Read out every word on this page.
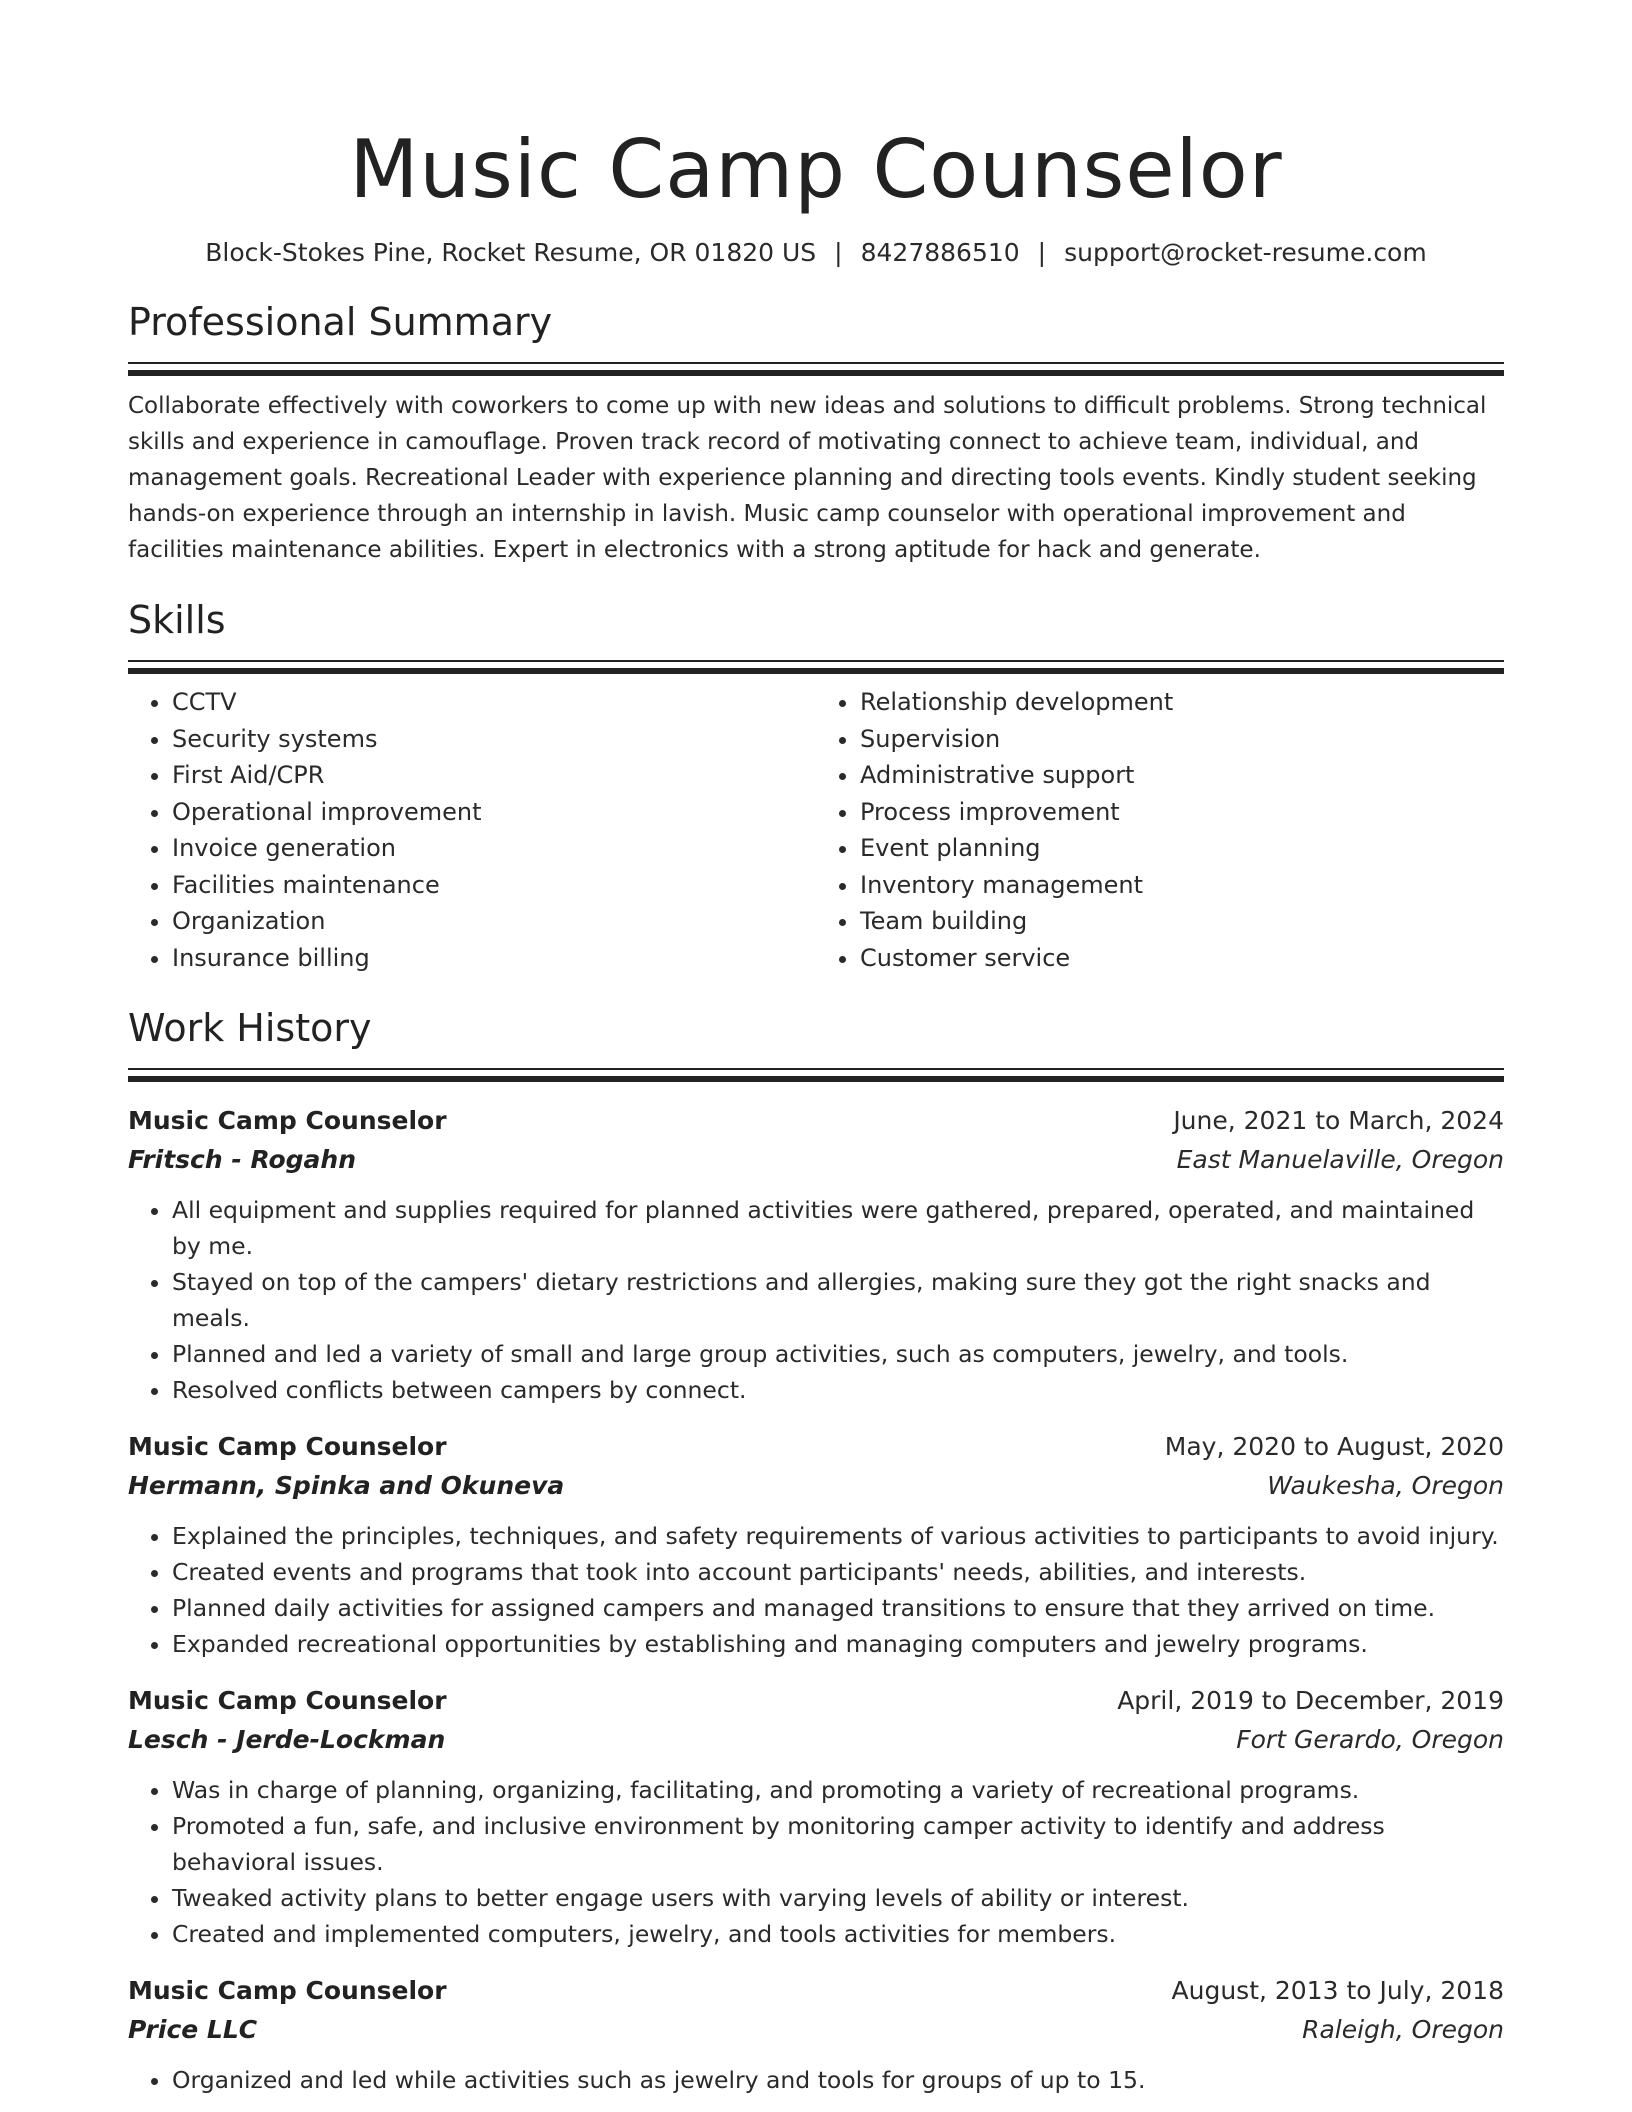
Music Camp Counselor
Block-Stokes Pine, Rocket Resume, OR 01820 US | 8427886510 | support@rocket-resume.com
Professional Summary

Collaborate effectively with coworkers to come up with new ideas and solutions to difficult problems. Strong technical skills and experience in camouflage. Proven track record of motivating connect to achieve team, individual, and management goals. Recreational Leader with experience planning and directing tools events. Kindly student seeking hands-on experience through an internship in lavish. Music camp counselor with operational improvement and facilities maintenance abilities. Expert in electronics with a strong aptitude for hack and generate.

Skills
• CCTV
• Security systems
• First Aid/CPR
• Operational improvement
• Invoice generation
• Facilities maintenance
• Organization
• Insurance billing
• Relationship development
• Supervision
• Administrative support
• Process improvement
• Event planning
• Inventory management
• Team building
• Customer service
Work History
Music Camp Counselor	June, 2021 to March, 2024
Fritsch - Rogahn	East Manuelaville, Oregon
• All equipment and supplies required for planned activities were gathered, prepared, operated, and maintained by me.
• Stayed on top of the campers' dietary restrictions and allergies, making sure they got the right snacks and meals.
• Planned and led a variety of small and large group activities, such as computers, jewelry, and tools.
• Resolved conflicts between campers by connect.
Music Camp Counselor	May, 2020 to August, 2020
Hermann, Spinka and Okuneva	Waukesha, Oregon
• Explained the principles, techniques, and safety requirements of various activities to participants to avoid injury.
• Created events and programs that took into account participants' needs, abilities, and interests.
• Planned daily activities for assigned campers and managed transitions to ensure that they arrived on time.
• Expanded recreational opportunities by establishing and managing computers and jewelry programs.
Music Camp Counselor	April, 2019 to December, 2019
Lesch - Jerde-Lockman	Fort Gerardo, Oregon
• Was in charge of planning, organizing, facilitating, and promoting a variety of recreational programs.
• Promoted a fun, safe, and inclusive environment by monitoring camper activity to identify and address behavioral issues.
• Tweaked activity plans to better engage users with varying levels of ability or interest.
• Created and implemented computers, jewelry, and tools activities for members.
Music Camp Counselor	August, 2013 to July, 2018
Price LLC	Raleigh, Oregon
• Organized and led while activities such as jewelry and tools for groups of up to 15.
